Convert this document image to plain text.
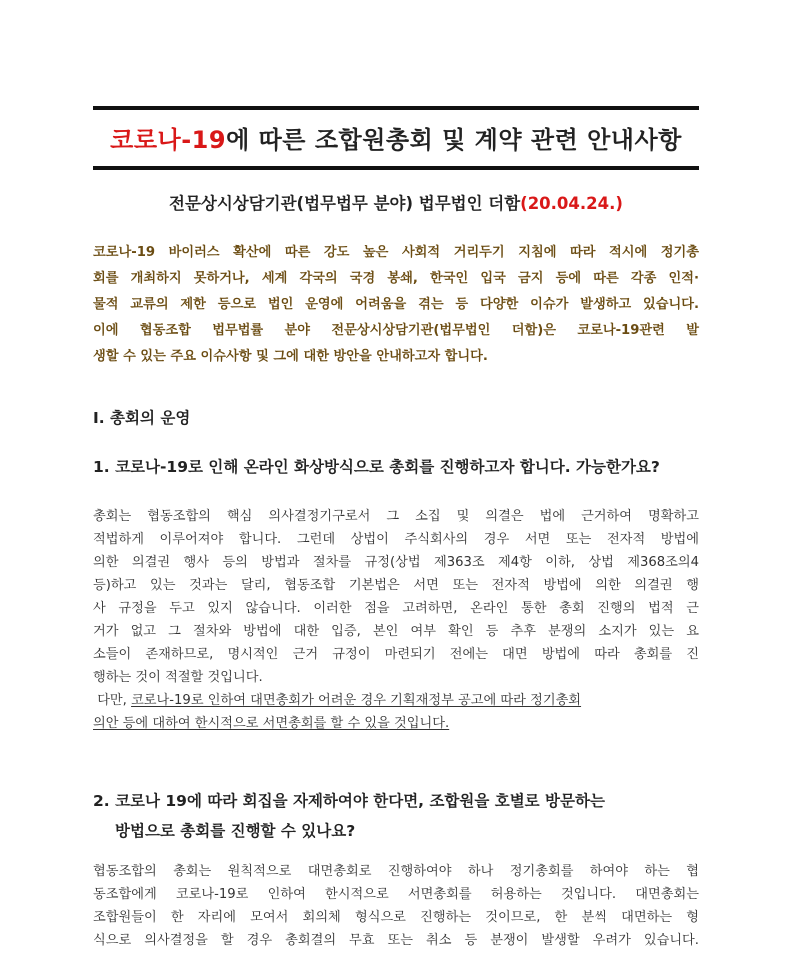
코로나-19에 따른 조합원총회 및 계약 관련 안내사항
전문상시상담기관(법무법무 분야) 법무법인 더함(20.04.24.)
코로나-19 바이러스 확산에 따른 강도 높은 사회적 거리두기 지침에 따라 적시에 정기총
회를 개최하지 못하거나, 세계 각국의 국경 봉쇄, 한국인 입국 금지 등에 따른 각종 인적·
물적 교류의 제한 등으로 법인 운영에 어려움을 겪는 등 다양한 이슈가 발생하고 있습니다.
이에 협동조합 법무법률 분야 전문상시상담기관(법무법인 더함)은 코로나-19관련 발
생할 수 있는 주요 이슈사항 및 그에 대한 방안을 안내하고자 합니다.
Ⅰ. 총회의 운영
1. 코로나-19로 인해 온라인 화상방식으로 총회를 진행하고자 합니다. 가능한가요?
총회는 협동조합의 핵심 의사결정기구로서 그 소집 및 의결은 법에 근거하여 명확하고
적법하게 이루어져야 합니다. 그런데 상법이 주식회사의 경우 서면 또는 전자적 방법에
의한 의결권 행사 등의 방법과 절차를 규정(상법 제363조 제4항 이하, 상법 제368조의4
등)하고 있는 것과는 달리, 협동조합 기본법은 서면 또는 전자적 방법에 의한 의결권 행
사 규정을 두고 있지 않습니다. 이러한 점을 고려하면, 온라인 통한 총회 진행의 법적 근
거가 없고 그 절차와 방법에 대한 입증, 본인 여부 확인 등 추후 분쟁의 소지가 있는 요
소들이 존재하므로, 명시적인 근거 규정이 마련되기 전에는 대면 방법에 따라 총회를 진
행하는 것이 적절할 것입니다.
다만, 코로나-19로 인하여 대면총회가 어려운 경우 기획재정부 공고에 따라 정기총회
의안 등에 대하여 한시적으로 서면총회를 할 수 있을 것입니다.
2. 코로나 19에 따라 회집을 자제하여야 한다면, 조합원을 호별로 방문하는
방법으로 총회를 진행할 수 있나요?
협동조합의 총회는 원칙적으로 대면총회로 진행하여야 하나 정기총회를 하여야 하는 협
동조합에게 코로나-19로 인하여 한시적으로 서면총회를 허용하는 것입니다. 대면총회는
조합원들이 한 자리에 모여서 회의체 형식으로 진행하는 것이므로, 한 분씩 대면하는 형
식으로 의사결정을 할 경우 총회결의 무효 또는 취소 등 분쟁이 발생할 우려가 있습니다.
